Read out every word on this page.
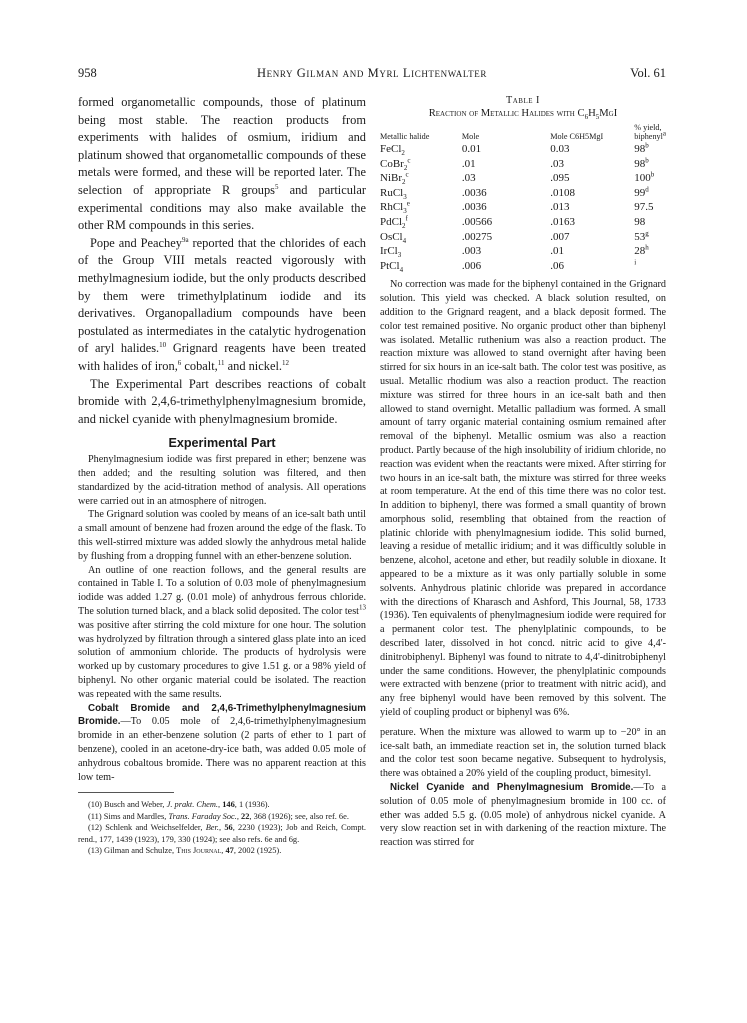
958	Henry Gilman and Myrl Lichtenwalter	Vol. 61

formed organometallic compounds, those of platinum being most stable. The reaction products from experiments with halides of osmium, iridium and platinum showed that organometallic compounds of these metals were formed, and these will be reported later. The selection of appropriate R groups$^5$ and particular experimental conditions may also make available the other RM compounds in this series.

Pope and Peachey$^{9a}$ reported that the chlorides of each of the Group VIII metals reacted vigorously with methylmagnesium iodide, but the only products described by them were trimethylplatinum iodide and its derivatives. Organopalladium compounds have been postulated as intermediates in the catalytic hydrogenation of aryl halides.$^{10}$ Grignard reagents have been treated with halides of iron,$^6$ cobalt,$^{11}$ and nickel.$^{12}$

The Experimental Part describes reactions of cobalt bromide with 2,4,6-trimethylphenylmagnesium bromide, and nickel cyanide with phenylmagnesium bromide.

Experimental Part

Phenylmagnesium iodide was first prepared in ether; benzene was then added; and the resulting solution was filtered, and then standardized by the acid-titration method of analysis. All operations were carried out in an atmosphere of nitrogen.

The Grignard solution was cooled by means of an ice-salt bath until a small amount of benzene had frozen around the edge of the flask. To this well-stirred mixture was added slowly the anhydrous metal halide by flushing from a dropping funnel with an ether-benzene solution.

An outline of one reaction follows, and the general results are contained in Table I. To a solution of 0.03 mole of phenylmagnesium iodide was added 1.27 g. (0.01 mole) of anhydrous ferrous chloride. The solution turned black, and a black solid deposited. The color test$^{13}$ was positive after stirring the cold mixture for one hour. The solution was hydrolyzed by filtration through a sintered glass plate into an iced solution of ammonium chloride. The products of hydrolysis were worked up by customary procedures to give 1.51 g. or a 98% yield of biphenyl. No other organic material could be isolated. The reaction was repeated with the same results.

Cobalt Bromide and 2,4,6-Trimethylphenylmagnesium Bromide.—To 0.05 mole of 2,4,6-trimethylphenylmagnesium bromide in an ether-benzene solution (2 parts of ether to 1 part of benzene), cooled in an acetone-dry-ice bath, was added 0.05 mole of anhydrous cobaltous bromide. There was no apparent reaction at this low tem-

(10) Busch and Weber, J. prakt. Chem., 146, 1 (1936).

(11) Sims and Mardles, Trans. Faraday Soc., 22, 368 (1926); see, also ref. 6e.

(12) Schlenk and Weichselfelder, Ber., 56, 2230 (1923); Job and Reich, Compt. rend., 177, 1439 (1923), 179, 330 (1924); see also refs. 6e and 6g.

(13) Gilman and Schulze, This Journal, 47, 2002 (1925).

Table I
Reaction of Metallic Halides with $C_6H_5MgI$
Metallic halide	Mole	Mole C6H5MgI	% yield, biphenyl$^a$
FeCl$_2$	0.01	0.03	98$^b$
CoBr$_2^c$	.01	.03	98$^b$
NiBr$_2^c$	.03	.095	100$^b$
RuCl$_3$	.0036	.0108	99$^d$
RhCl$_3^e$	.0036	.013	97.5
PdCl$_2^f$	.00566	.0163	98
OsCl$_4$	.00275	.007	53$^g$
IrCl$_3$	.003	.01	28$^h$
PtCl$_4$	.006	.06	$^i$

No correction was made for the biphenyl contained in the Grignard solution. This yield was checked. A black solution resulted, on addition to the Grignard reagent, and a black deposit formed. The color test remained positive. No organic product other than biphenyl was isolated. Metallic ruthenium was also a reaction product. The reaction mixture was allowed to stand overnight after having been stirred for six hours in an ice-salt bath. The color test was positive, as usual. Metallic rhodium was also a reaction product. The reaction mixture was stirred for three hours in an ice-salt bath and then allowed to stand overnight. Metallic palladium was formed. A small amount of tarry organic material containing osmium remained after removal of the biphenyl. Metallic osmium was also a reaction product. Partly because of the high insolubility of iridium chloride, no reaction was evident when the reactants were mixed. After stirring for two hours in an ice-salt bath, the mixture was stirred for three weeks at room temperature. At the end of this time there was no color test. In addition to biphenyl, there was formed a small quantity of brown amorphous solid, resembling that obtained from the reaction of platinic chloride with phenylmagnesium iodide. This solid burned, leaving a residue of metallic iridium; and it was difficultly soluble in benzene, alcohol, acetone and ether, but readily soluble in dioxane. It appeared to be a mixture as it was only partially soluble in some solvents. Anhydrous platinic chloride was prepared in accordance with the directions of Kharasch and Ashford, This Journal, 58, 1733 (1936). Ten equivalents of phenylmagnesium iodide were required for a permanent color test. The phenylplatinic compounds, to be described later, dissolved in hot concd. nitric acid to give 4,4'-dinitrobiphenyl. Biphenyl was found to nitrate to 4,4'-dinitrobiphenyl under the same conditions. However, the phenylplatinic compounds were extracted with benzene (prior to treatment with nitric acid), and any free biphenyl would have been removed by this solvent. The yield of coupling product or biphenyl was 6%.

perature. When the mixture was allowed to warm up to −20° in an ice-salt bath, an immediate reaction set in, the solution turned black and the color test soon became negative. Subsequent to hydrolysis, there was obtained a 20% yield of the coupling product, bimesityl.

Nickel Cyanide and Phenylmagnesium Bromide.—To a solution of 0.05 mole of phenylmagnesium bromide in 100 cc. of ether was added 5.5 g. (0.05 mole) of anhydrous nickel cyanide. A very slow reaction set in with darkening of the reaction mixture. The reaction was stirred for
